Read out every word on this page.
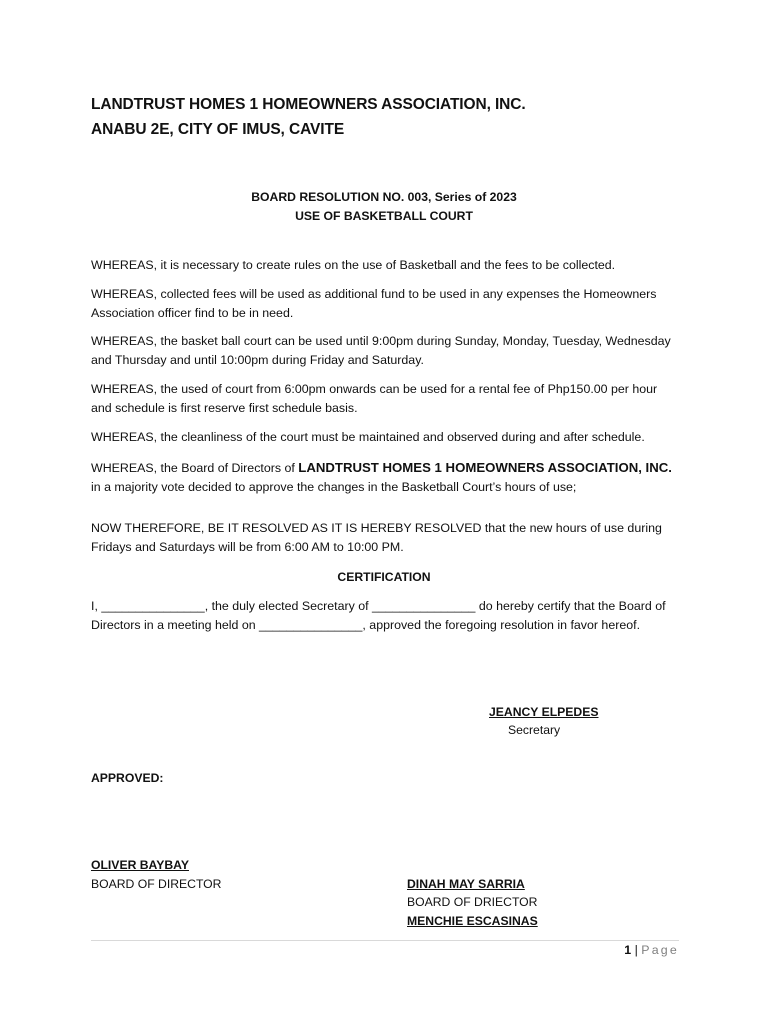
LANDTRUST HOMES 1 HOMEOWNERS ASSOCIATION, INC.
ANABU 2E, CITY OF IMUS, CAVITE
BOARD RESOLUTION NO. 003, Series of 2023
USE OF BASKETBALL COURT
WHEREAS, it is necessary to create rules on the use of Basketball and the fees to be collected.
WHEREAS, collected fees will be used as additional fund to be used in any expenses the Homeowners Association officer find to be in need.
WHEREAS, the basket ball court can be used until 9:00pm during Sunday, Monday, Tuesday, Wednesday and Thursday and until 10:00pm during Friday and Saturday.
WHEREAS, the used of court from 6:00pm onwards can be used for a rental fee of Php150.00 per hour and schedule is first reserve first schedule basis.
WHEREAS, the cleanliness of the court must be maintained and observed during and after schedule.
WHEREAS, the Board of Directors of LANDTRUST HOMES 1 HOMEOWNERS ASSOCIATION, INC. in a majority vote decided to approve the changes in the Basketball Court’s hours of use;
NOW THEREFORE, BE IT RESOLVED AS IT IS HEREBY RESOLVED that the new hours of use during Fridays and Saturdays will be from 6:00 AM to 10:00 PM.
CERTIFICATION
I, _______________, the duly elected Secretary of _______________ do hereby certify that the Board of Directors in a meeting held on _______________, approved the foregoing resolution in favor hereof.
JEANCY ELPEDES
Secretary
APPROVED:
OLIVER BAYBAY
BOARD OF DIRECTOR	DINAH MAY SARRIA
BOARD OF DRIECTOR
MENCHIE ESCASINAS
1 | Page
